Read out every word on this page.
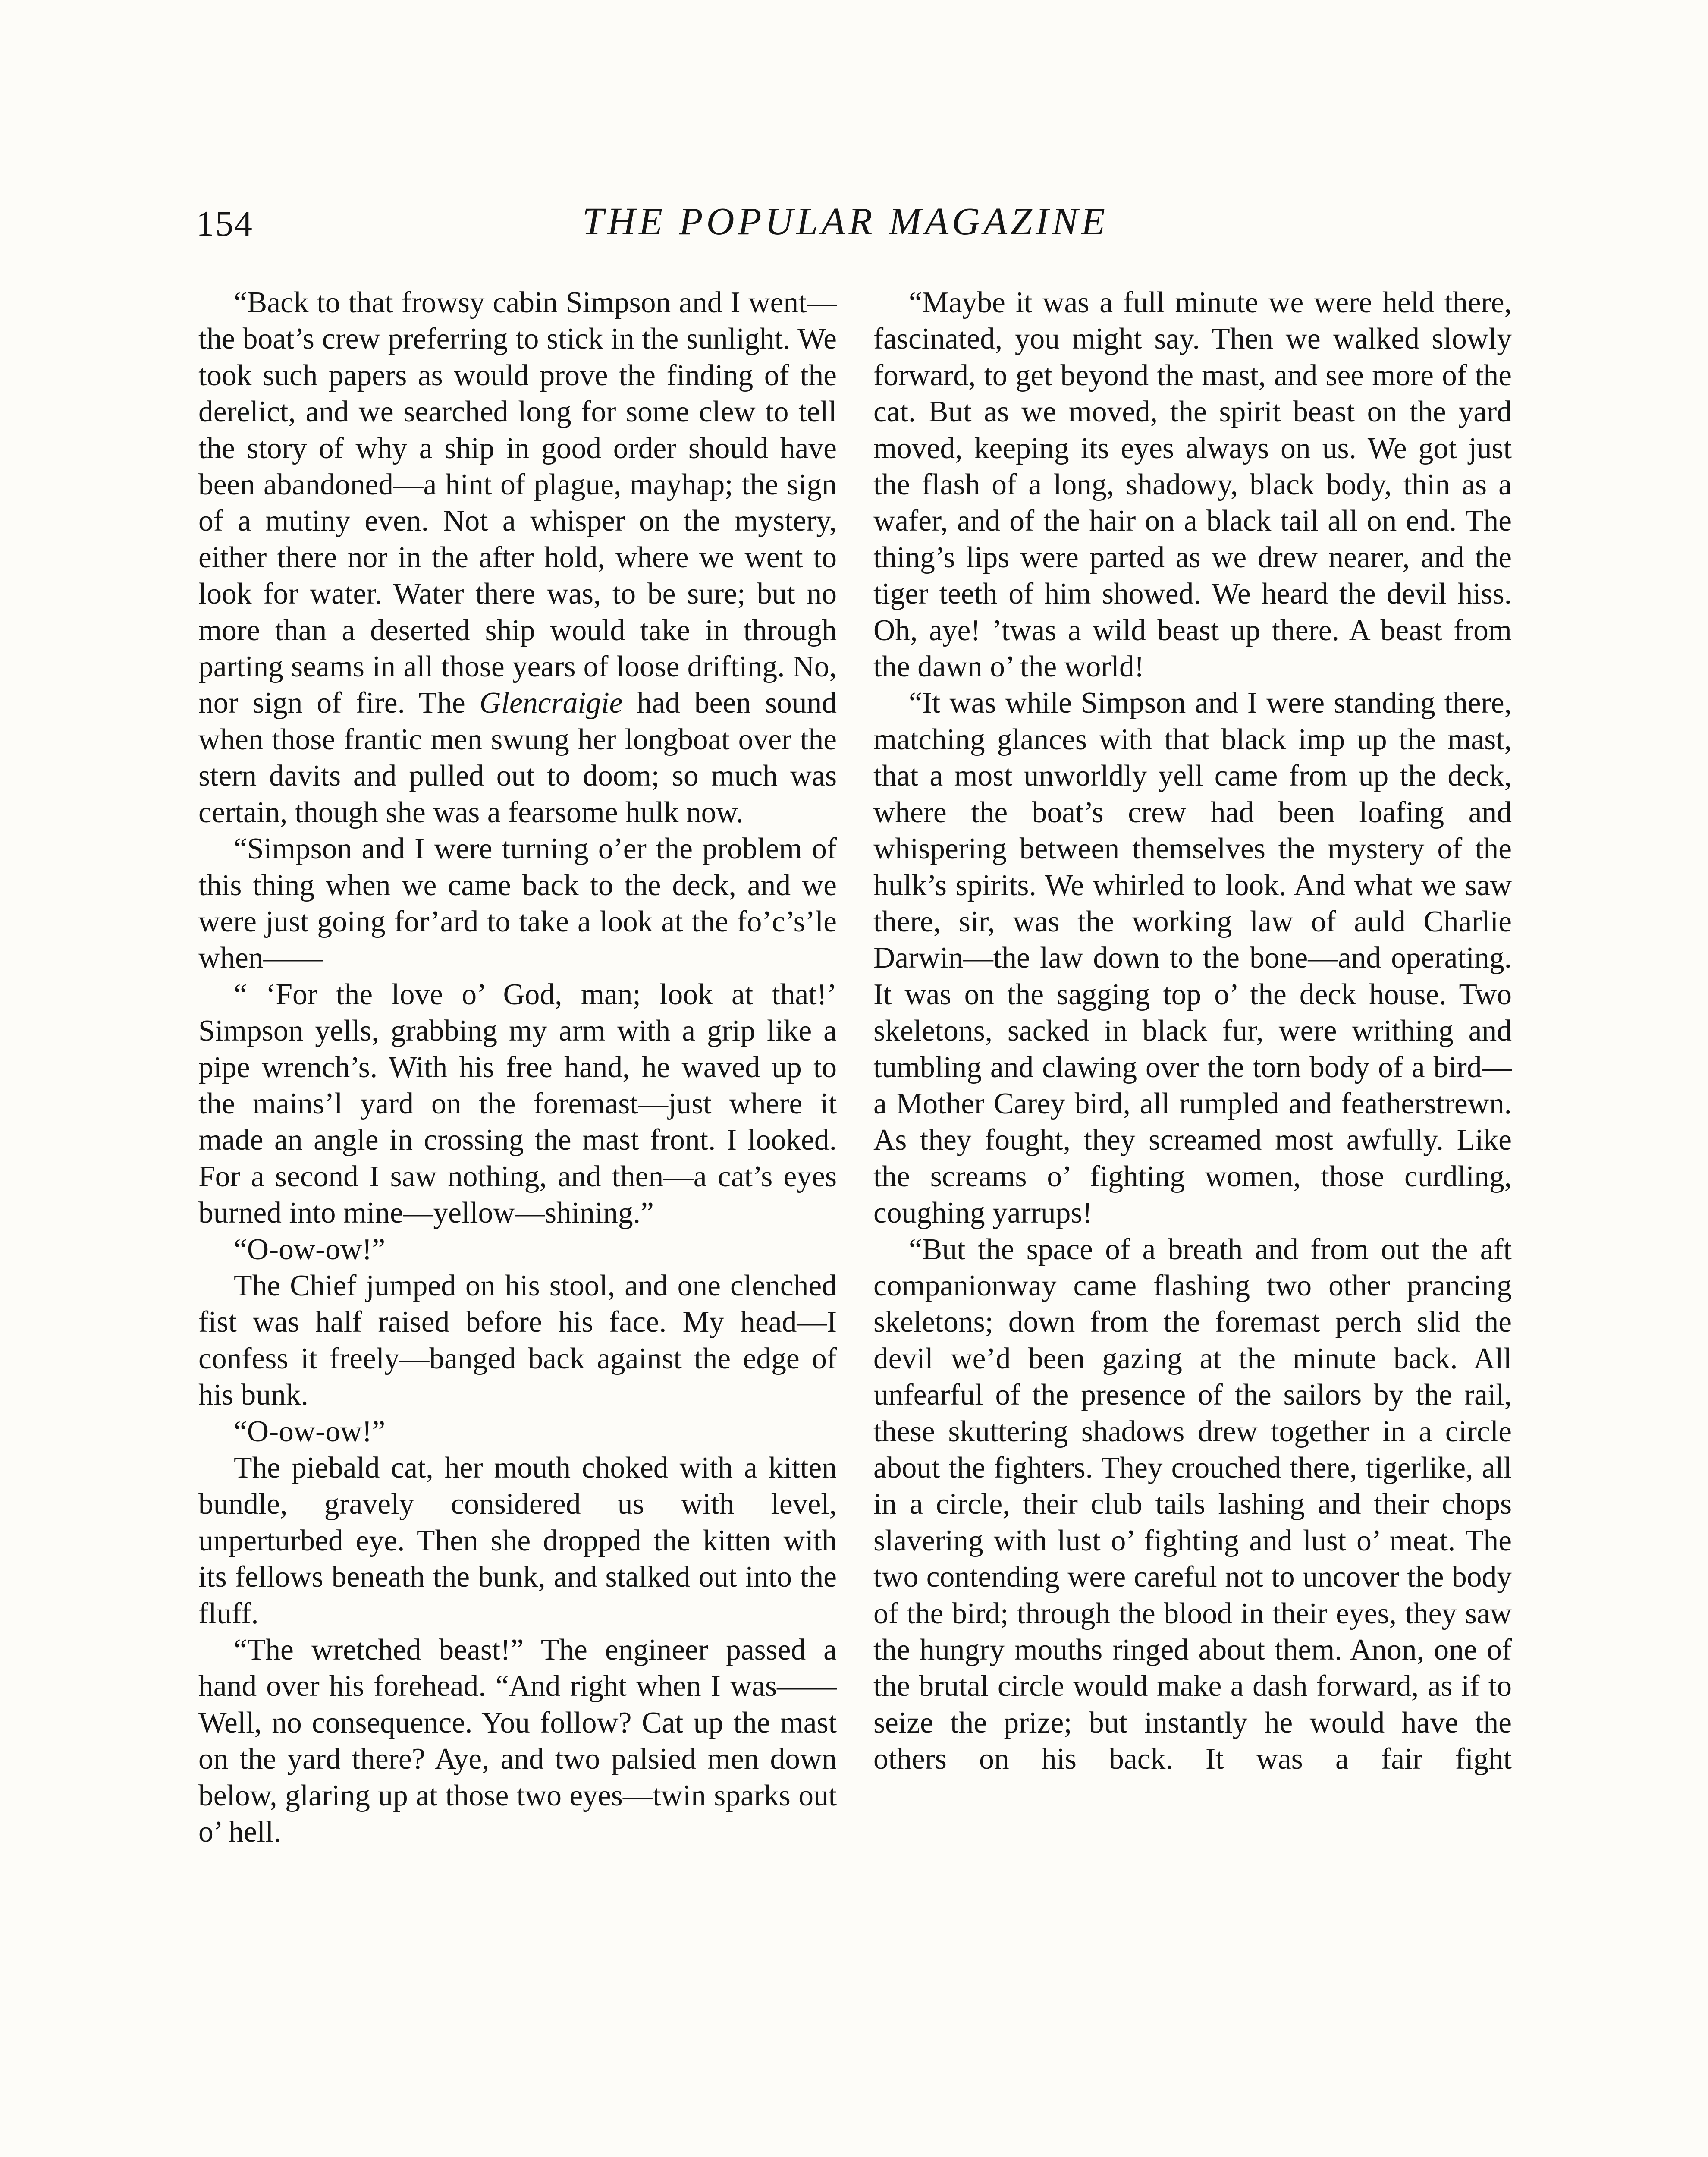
154	THE POPULAR MAGAZINE

“Back to that frowsy cabin Simpson and I went—the boat’s crew preferring to stick in the sunlight. We took such papers as would prove the finding of the derelict, and we searched long for some clew to tell the story of why a ship in good order should have been abandoned—a hint of plague, mayhap; the sign of a mutiny even. Not a whisper on the mystery, either there nor in the after hold, where we went to look for water. Water there was, to be sure; but no more than a deserted ship would take in through parting seams in all those years of loose drifting. No, nor sign of fire. The Glencraigie had been sound when those frantic men swung her longboat over the stern davits and pulled out to doom; so much was certain, though she was a fearsome hulk now.

“Simpson and I were turning o’er the problem of this thing when we came back to the deck, and we were just going for’ard to take a look at the fo’c’s’le when——

“ ‘For the love o’ God, man; look at that!’ Simpson yells, grabbing my arm with a grip like a pipe wrench’s. With his free hand, he waved up to the mains’l yard on the foremast—just where it made an angle in crossing the mast front. I looked. For a second I saw nothing, and then—a cat’s eyes burned into mine—yellow—shining.”

“O-ow-ow!”

The Chief jumped on his stool, and one clenched fist was half raised before his face. My head—I confess it freely—banged back against the edge of his bunk.

“O-ow-ow!”

The piebald cat, her mouth choked with a kitten bundle, gravely considered us with level, unperturbed eye. Then she dropped the kitten with its fellows beneath the bunk, and stalked out into the fluff.

“The wretched beast!” The engineer passed a hand over his forehead. “And right when I was—— Well, no consequence. You follow? Cat up the mast on the yard there? Aye, and two palsied men down below, glaring up at those two eyes—twin sparks out o’ hell.

“Maybe it was a full minute we were held there, fascinated, you might say. Then we walked slowly forward, to get beyond the mast, and see more of the cat. But as we moved, the spirit beast on the yard moved, keeping its eyes always on us. We got just the flash of a long, shadowy, black body, thin as a wafer, and of the hair on a black tail all on end. The thing’s lips were parted as we drew nearer, and the tiger teeth of him showed. We heard the devil hiss. Oh, aye! ’twas a wild beast up there. A beast from the dawn o’ the world!

“It was while Simpson and I were standing there, matching glances with that black imp up the mast, that a most unworldly yell came from up the deck, where the boat’s crew had been loafing and whispering between themselves the mystery of the hulk’s spirits. We whirled to look. And what we saw there, sir, was the working law of auld Charlie Darwin—the law down to the bone—and operating. It was on the sagging top o’ the deck house. Two skeletons, sacked in black fur, were writhing and tumbling and clawing over the torn body of a bird—a Mother Carey bird, all rumpled and featherstrewn. As they fought, they screamed most awfully. Like the screams o’ fighting women, those curdling, coughing yarrups!

“But the space of a breath and from out the aft companionway came flashing two other prancing skeletons; down from the foremast perch slid the devil we’d been gazing at the minute back. All unfearful of the presence of the sailors by the rail, these skuttering shadows drew together in a circle about the fighters. They crouched there, tigerlike, all in a circle, their club tails lashing and their chops slavering with lust o’ fighting and lust o’ meat. The two contending were careful not to uncover the body of the bird; through the blood in their eyes, they saw the hungry mouths ringed about them. Anon, one of the brutal circle would make a dash forward, as if to seize the prize; but instantly he would have the others on his back. It was a fair fight
